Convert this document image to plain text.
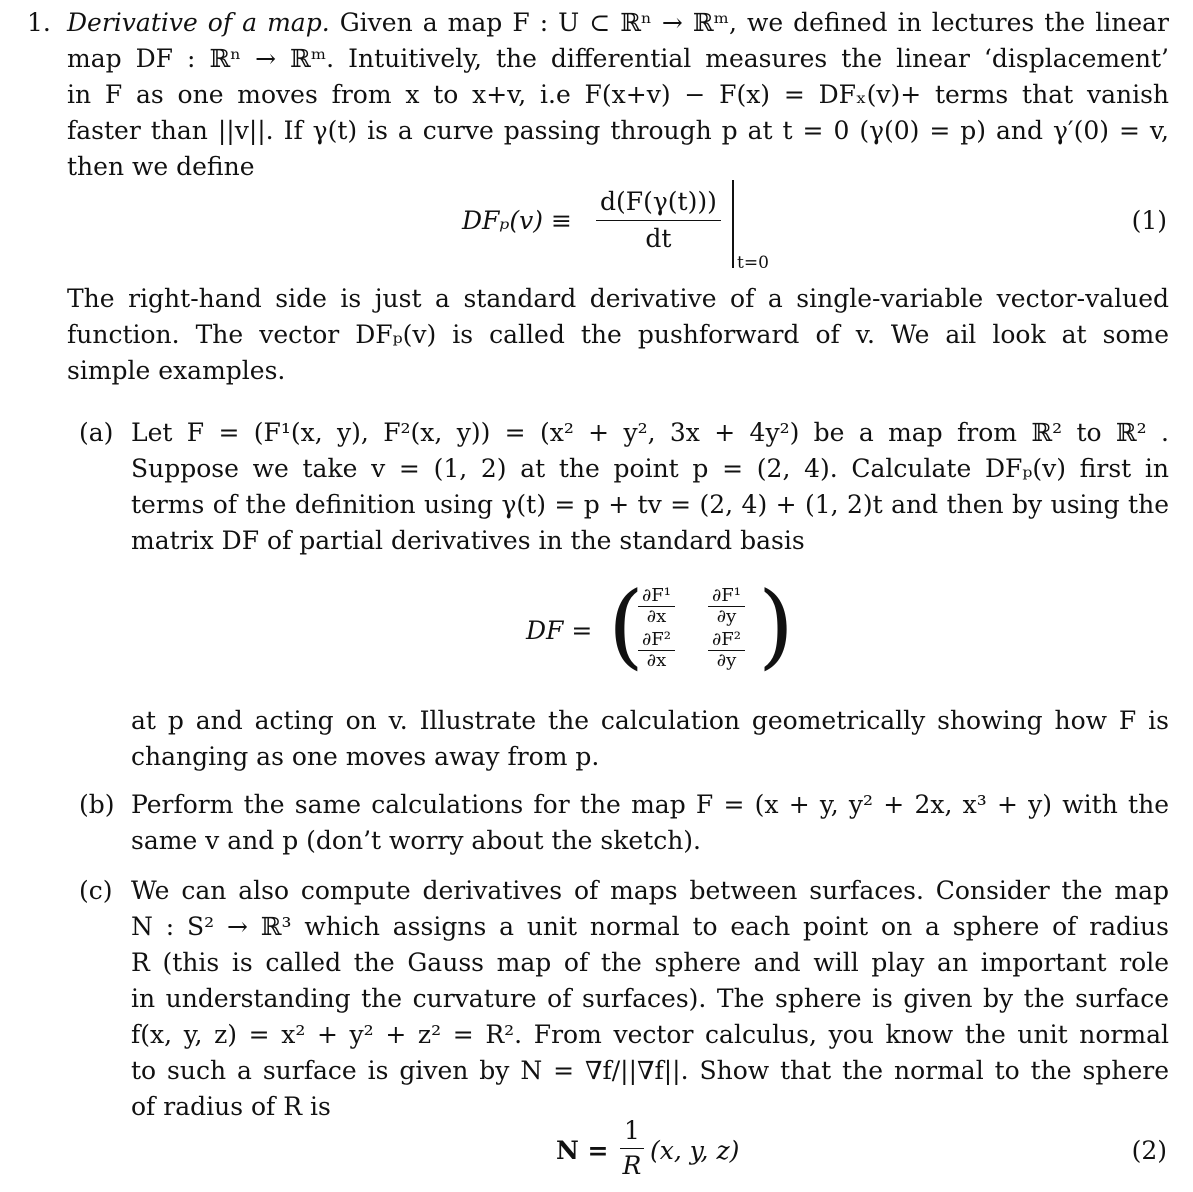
1. Derivative of a map. Given a map F : U ⊂ ℝⁿ → ℝᵐ, we defined in lectures the linear
map DF : ℝⁿ → ℝᵐ. Intuitively, the differential measures the linear ‘displacement’
in F as one moves from x to x+v, i.e F(x+v) − F(x) = DFₓ(v)+ terms that vanish
faster than ||v||. If γ(t) is a curve passing through p at t = 0 (γ(0) = p) and γ′(0) = v,
then we define
$DF_p(v) \equiv \frac{d(F(\gamma(t)))}{dt}$
t=0
(1)
The right-hand side is just a standard derivative of a single-variable vector-valued
function. The vector DFₚ(v) is called the pushforward of v. We ail look at some
simple examples.
(a) Let F = (F¹(x, y), F²(x, y)) = (x² + y², 3x + 4y²) be a map from ℝ² to ℝ² .
Suppose we take v = (1, 2) at the point p = (2, 4). Calculate DFₚ(v) first in
terms of the definition using γ(t) = p + tv = (2, 4) + (1, 2)t and then by using the
matrix DF of partial derivatives in the standard basis
DF = ( )
$\frac{\text{∂F¹}}{\partial x} \frac{\text{∂F¹}}{\partial y}$
$\frac{\text{∂F²}}{\partial x} \frac{\text{∂F²}}{\partial y}$
at p and acting on v. Illustrate the calculation geometrically showing how F is
changing as one moves away from p.
(b) Perform the same calculations for the map F = (x + y, y² + 2x, x³ + y) with the
same v and p (don’t worry about the sketch).
(c) We can also compute derivatives of maps between surfaces. Consider the map
N : S² → ℝ³ which assigns a unit normal to each point on a sphere of radius
R (this is called the Gauss map of the sphere and will play an important role
in understanding the curvature of surfaces). The sphere is given by the surface
f(x, y, z) = x² + y² + z² = R². From vector calculus, you know the unit normal
to such a surface is given by N = ∇f/||∇f||. Show that the normal to the sphere
of radius of R is
$N = \frac{1}{R} (x$, y, z)	(2)
